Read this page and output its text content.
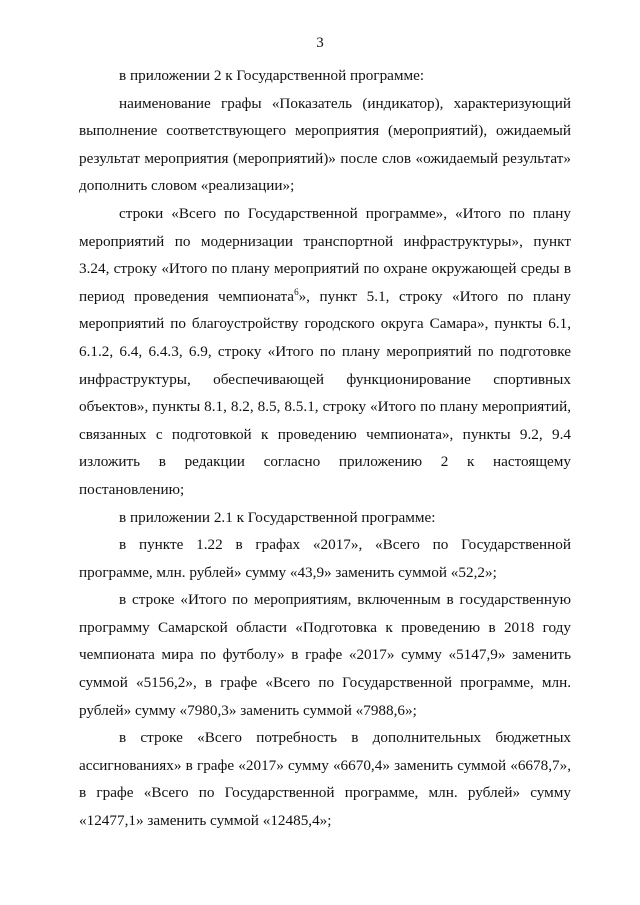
3

в приложении 2 к Государственной программе:

наименование графы «Показатель (индикатор), характеризующий выполнение соответствующего мероприятия (мероприятий), ожидаемый результат мероприятия (мероприятий)» после слов «ожидаемый результат» дополнить словом «реализации»;

строки «Всего по Государственной программе», «Итого по плану мероприятий по модернизации транспортной инфраструктуры», пункт 3.24, строку «Итого по плану мероприятий по охране окружающей среды в период проведения чемпионата$^6$», пункт 5.1, строку «Итого по плану мероприятий по благоустройству городского округа Самара», пункты 6.1, 6.1.2, 6.4, 6.4.3, 6.9, строку «Итого по плану мероприятий по подготовке инфраструктуры, обеспечивающей функционирование спортивных объектов», пункты 8.1, 8.2, 8.5, 8.5.1, строку «Итого по плану мероприятий, связанных с подготовкой к проведению чемпионата», пункты 9.2, 9.4 изложить в редакции согласно приложению 2 к настоящему постановлению;

в приложении 2.1 к Государственной программе:

в пункте 1.22 в графах «2017», «Всего по Государственной программе, млн. рублей» сумму «43,9» заменить суммой «52,2»;

в строке «Итого по мероприятиям, включенным в государственную программу Самарской области «Подготовка к проведению в 2018 году чемпионата мира по футболу» в графе «2017» сумму «5147,9» заменить суммой «5156,2», в графе «Всего по Государственной программе, млн. рублей» сумму «7980,3» заменить суммой «7988,6»;

в строке «Всего потребность в дополнительных бюджетных ассигнованиях» в графе «2017» сумму «6670,4» заменить суммой «6678,7», в графе «Всего по Государственной программе, млн. рублей» сумму «12477,1» заменить суммой «12485,4»;
